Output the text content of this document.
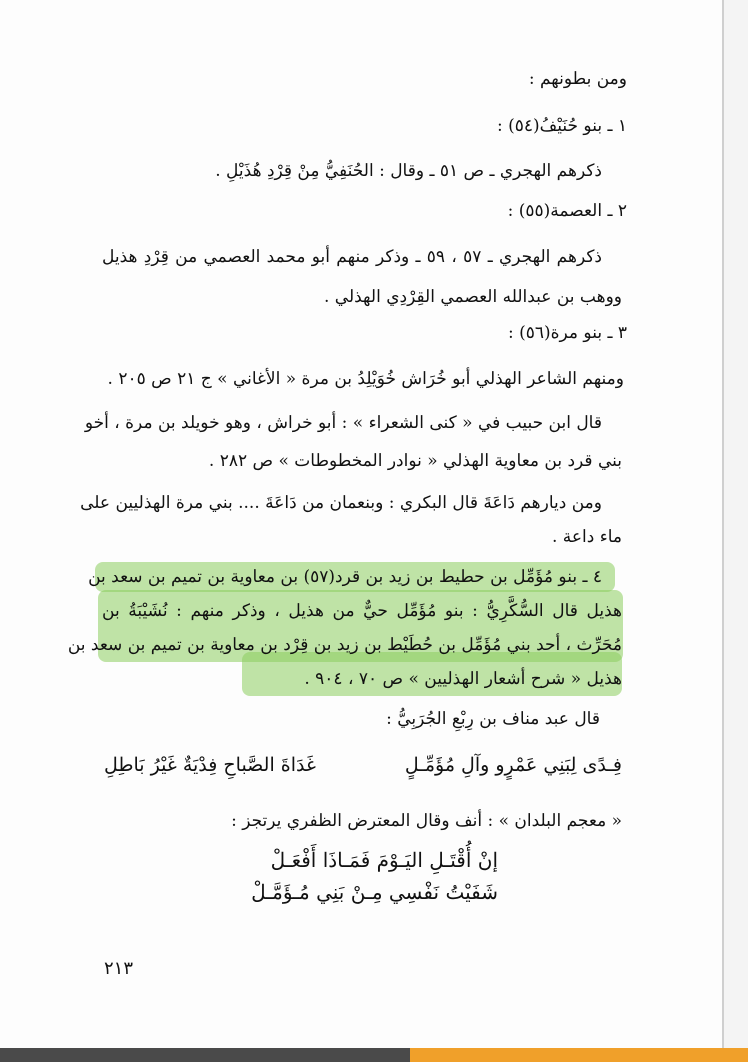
ومن بطونهم :
١ ـ بنو حُنَيْفُ(٥٤) :
ذكرهم الهجري ـ ص ٥١ ـ وقال : الحُنَفِيُّ مِنْ قِرْدِ هُذَيْلِ .
٢ ـ العصمة(٥٥) :
ذكرهم الهجري ـ ٥٧ ، ٥٩ ـ وذكر منهم أبو محمد العصمي من قِرْدِ هذيل
ووهب بن عبدالله العصمي القِرْدِي الهذلي .
٣ ـ بنو مرة(٥٦) :
ومنهم الشاعر الهذلي أبو خُرَاش خُوَيْلِدُ بن مرة « الأغاني » ج ٢١ ص ٢٠٥ .
قال ابن حبيب في « كنى الشعراء » : أبو خراش ، وهو خويلد بن مرة ، أخو
بني قرد بن معاوية الهذلي « نوادر المخطوطات » ص ٢٨٢ .
ومن ديارهم دَاعَةَ قال البكري : وبنعمان من دَاعَةَ .... بني مرة الهذليين على
ماء داعة .
٤ ـ بنو مُؤَمِّل بن حطيط بن زيد بن قرد(٥٧) بن معاوية بن تميم بن سعد بن
هذيل قال السُّكَّرِيُّ : بنو مُؤَمِّل حيٌّ من هذيل ، وذكر منهم : نُشَيْبَةُ بن
مُحَرِّث ، أحد بني مُؤَمِّل بن حُطَيْط بن زيد بن قِرْد بن معاوية بن تميم بن سعد بن
هذيل « شرح أشعار الهذليين » ص ٧٠ ، ٩٠٤ .
قال عبد مناف بن رِبْعِ الجُرَبِيُّ :
فِـدًى لِبَنِي عَمْرٍو وآلِ مُؤَمِّـلٍ
غَدَاةَ الصَّباحِ فِدْيَةٌ غَيْرُ بَاطِلِ
« معجم البلدان » : أنف وقال المعترض الظفري يرتجز :
إنْ أُقْتَـلِ اليَـوْمَ فَمَـاذَا أَفْعَـلْ
شَفَيْتُ نَفْسِي مِـنْ بَنِي مُـؤَمَّـلْ
٢١٣
